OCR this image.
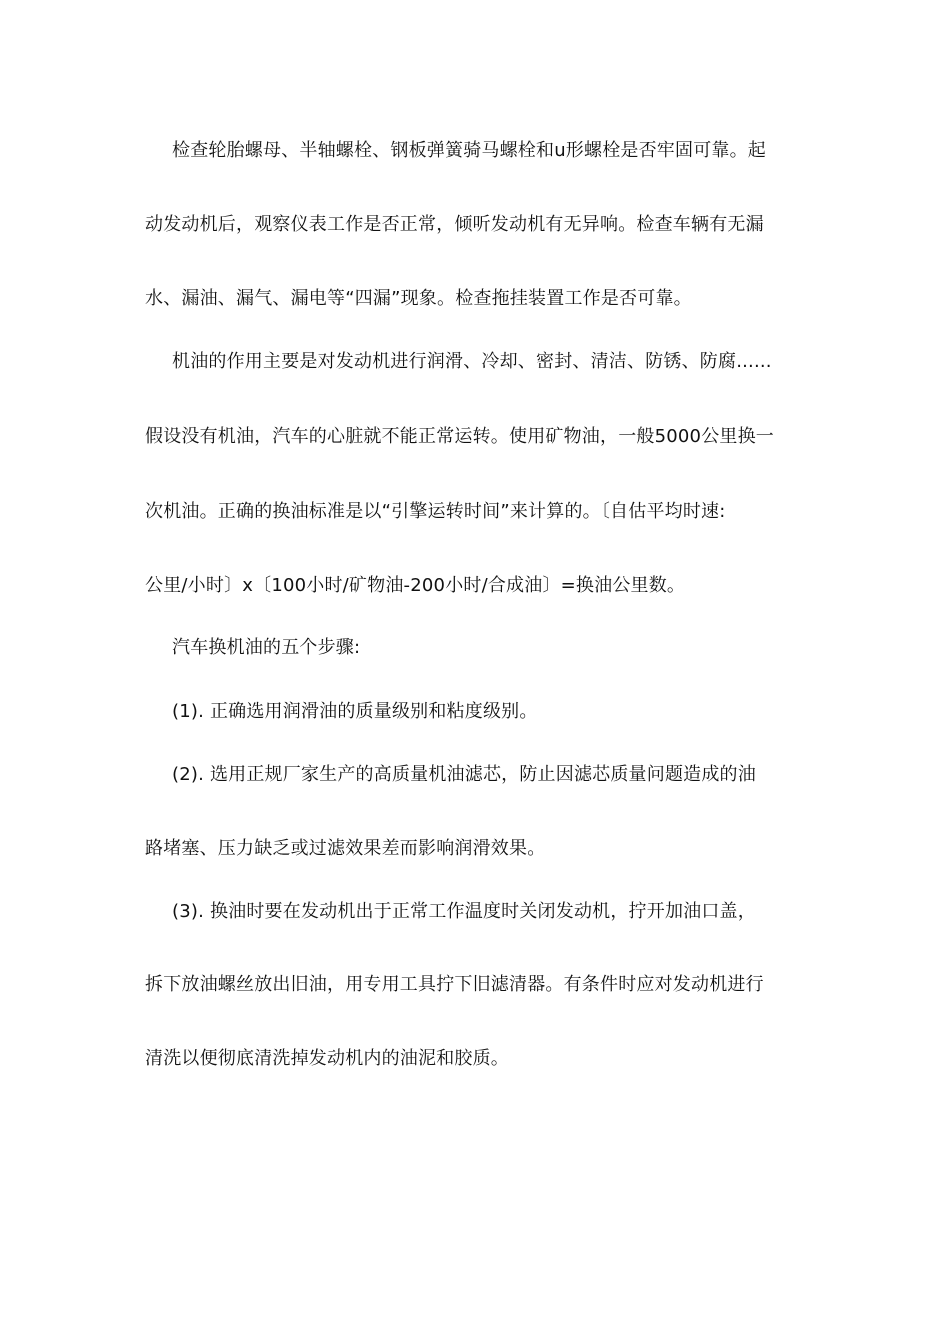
检查轮胎螺母、半轴螺栓、钢板弹簧骑马螺栓和u形螺栓是否牢固可靠。起
动发动机后，观察仪表工作是否正常，倾听发动机有无异响。检查车辆有无漏
水、漏油、漏气、漏电等“四漏”现象。检查拖挂装置工作是否可靠。
机油的作用主要是对发动机进行润滑、冷却、密封、清洁、防锈、防腐......
假设没有机油，汽车的心脏就不能正常运转。使用矿物油，一般5000公里换一
次机油。正确的换油标准是以“引擎运转时间”来计算的。〔自估平均时速:
公里/小时〕x〔100小时/矿物油-200小时/合成油〕=换油公里数。
汽车换机油的五个步骤:
(1). 正确选用润滑油的质量级别和粘度级别。
(2). 选用正规厂家生产的高质量机油滤芯，防止因滤芯质量问题造成的油
路堵塞、压力缺乏或过滤效果差而影响润滑效果。
(3). 换油时要在发动机出于正常工作温度时关闭发动机，拧开加油口盖，
拆下放油螺丝放出旧油，用专用工具拧下旧滤清器。有条件时应对发动机进行
清洗以便彻底清洗掉发动机内的油泥和胶质。
